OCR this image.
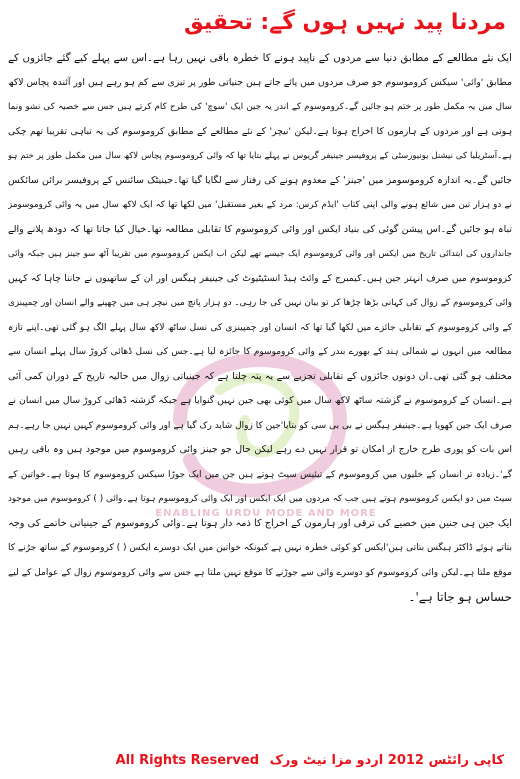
مردنا پید نہیں ہوں گے: تحقیق
ENABLING URDU MODE AND MORE
ایک نئے مطالعے کے مطابق دنیا سے مردوں کے ناپید ہونے کا خطرہ باقی نہیں رہا ہے۔اس سے پہلے کیے گئے جائزوں کے
مطابق 'وائی' سیکس کروموسوم جو صرف مردوں میں پائے جاتے ہیں جنیاتی طور پر تیزی سے کم ہو رہے ہیں اور آئندہ پچاس لاکھ
سال میں یہ مکمل طور پر ختم ہو جائیں گے۔کروموسوم کے اندر یہ جین ایک 'سوچ' کی طرح کام کرتے ہیں جس سے خصیہ کی نشو ونما
ہوتی ہے اور مردوں کے ہارمون کا اخراج ہوتا ہے۔لیکن 'نیچر' کے نئے مطالعے کے مطابق کروموسوم کی یہ تباہی تقریبا تھم چکی
ہے۔آسٹریلیا کی نیشنل یونیورسٹی کے پروفیسر جینیفر گریوس نے پہلے بتایا تھا کہ وائی کروموسوم پچاس لاکھ سال میں مکمل طور پر ختم ہو
جائیں گے۔یہ اندازہ کروموسومز میں 'جینز' کے معدوم ہونے کی رفتار سے لگایا گیا تھا۔جینیٹک سائنس کے پروفیسر برائن سائکس
نے دو ہزار تین میں شائع ہونے والی اپنی کتاب 'ایڈم کرس: مرد کے بغیر مستقبل' میں لکھا تھا کہ ایک لاکھ سال میں یہ وائی کروموسومز
تباہ ہو جائیں گے۔اس پیشن گوئی کی بنیاد ایکس اور وائی کروموسوم کا تقابلی مطالعہ تھا۔خیال کیا جاتا تھا کہ دودھ پلانے والے
جانداروں کی ابتدائی تاریخ میں ایکس اور وائی کروموسوم ایک جیسے تھے لیکن اب ایکس کروموسوم میں تقریبا آٹھ سو جینز ہیں جبکہ وائی
کروموسوم میں صرف انہتر جین ہیں۔کیمبرج کے وائٹ ہیڈ انسٹیٹیوٹ کی جینیفر ہیگس اور ان کے ساتھیوں نے جاننا چاہا کہ کہیں
وائی کروموسوم کے زوال کی کہانی بڑھا چڑھا کر تو بیان نہیں کی جا رہی۔ دو ہزار پانچ میں نیچر ہی میں چھپنے والے انسان اور چمپینزی
کے وائی کروموسوم کے تقابلی جائزے میں لکھا گیا تھا کہ انسان اور چمپینزی کی نسل ساٹھ لاکھ سال پہلے الگ ہو گئی تھی۔اپنے تازہ
مطالعہ میں انہوں نے شمالی ہند کے بھورے بندر کے وائی کروموسوم کا جائزہ لیا ہے۔جس کی نسل ڈھائی کروڑ سال پہلے انسان سے
مختلف ہو گئی تھی۔ان دونوں جائزوں کے تقابلی تجزیے سے یہ پتہ چلتا ہے کہ جینیاتی زوال میں حالیہ تاریخ کے دوران کمی آئی
ہے۔انسان کے کروموسوم نے گزشتہ ساٹھ لاکھ سال میں کوئی بھی جین نہیں گنوایا ہے جبکہ گزشتہ ڈھائی کروڑ سال میں انسان نے
صرف ایک جین کھویا ہے۔جینیفر ہیگس نے بی بی سی کو بتایا'جین کا زوال شاید رک گیا ہے اور وائی کروموسوم کہیں نہیں جا رہے۔ہم
اس بات کو پوری طرح خارج از امکان تو قرار نہیں دے رہے لیکن حال جو جینز وائی کروموسوم میں موجود ہیں وہ باقی رہیں
گے'۔زیادہ تر انسان کے خلیوں میں کروموسوم کے تیئیس سیٹ ہوتے ہیں جن میں ایک جوڑا سیکس کروموسوم کا ہوتا ہے۔خواتین کے
سیٹ میں دو ایکس کروموسوم ہوتے ہیں جب کہ مردوں میں ایک ایکس اور ایک وائی کروموسوم ہوتا ہے۔وائی ( ) کروموسوم میں موجود
ایک جین ہی جنین میں خصیے کی ترقی اور ہارمون کے اخراج کا ذمہ دار ہوتا ہے۔وائی کروموسوم کے جینیاتی خاتمے کی وجہ
بتاتے ہوئے ڈاکٹر ہیگس بتاتی ہیں'ایکس کو کوئی خطرہ نہیں ہے کیونکہ خواتین میں ایک دوسرے ایکس ( ) کروموسوم کے ساتھ جڑنے کا
موقع ملتا ہے۔لیکن وائی کروموسوم کو دوسرے وائی سے جوڑنے کا موقع نہیں ملتا ہے جس سے وائی کروموسوم زوال کے عوامل کے لیے
حساس ہو جاتا ہے'۔
All Rights Reserved کاپی رائٹس 2012 اردو مزا نیٹ ورک
